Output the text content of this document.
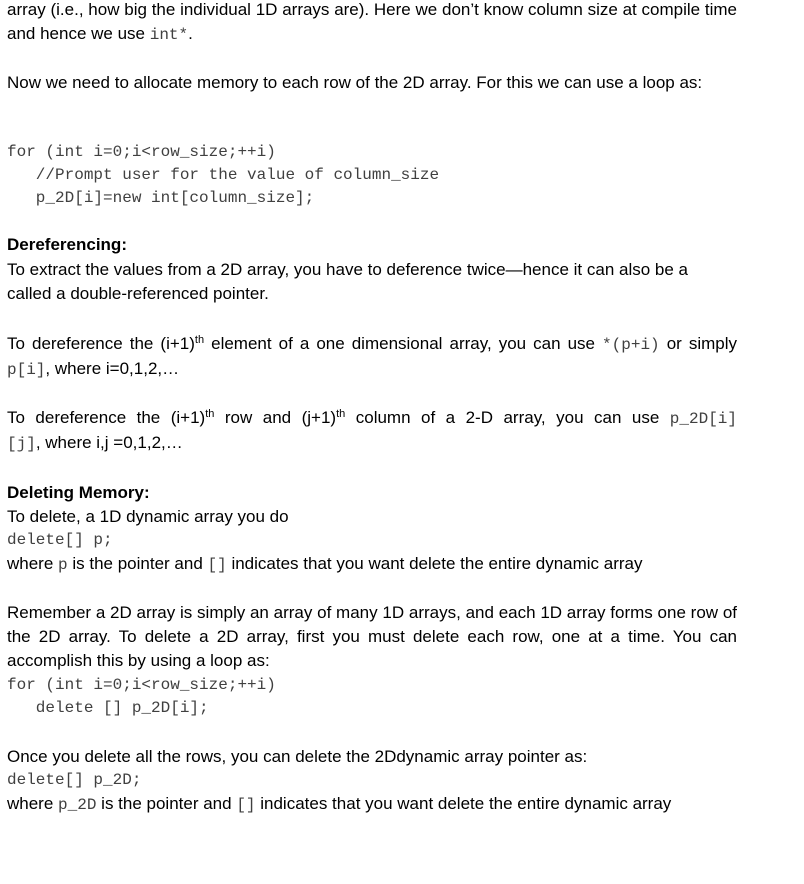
array (i.e., how big the individual 1D arrays are). Here we don’t know column size at compile time and hence we use int*.

Now we need to allocate memory to each row of the 2D array. For this we can use a loop as:

for (int i=0;i<row_size;++i)
//Prompt user for the value of column_size
p_2D[i]=new int[column_size];

Dereferencing:

To extract the values from a 2D array, you have to deference twice—hence it can also be a called a double-referenced pointer.

To dereference the $(i+1)^{th}$ element of a one dimensional array, you can use *(p+i) or simply p[i], where i=0,1,2,…

To dereference the $(i+1)^{th}$ row and $(j+1)^{th}$ column of a 2-D array, you can use p_2D[i][j], where i,j =0,1,2,…

Deleting Memory:

To delete, a 1D dynamic array you do

delete[] p;

where p is the pointer and [] indicates that you want delete the entire dynamic array

Remember a 2D array is simply an array of many 1D arrays, and each 1D array forms one row of the 2D array. To delete a 2D array, first you must delete each row, one at a time. You can accomplish this by using a loop as:

for (int i=0;i<row_size;++i)
delete [] p_2D[i];

Once you delete all the rows, you can delete the 2Ddynamic array pointer as:

delete[] p_2D;

where p_2D is the pointer and [] indicates that you want delete the entire dynamic array
